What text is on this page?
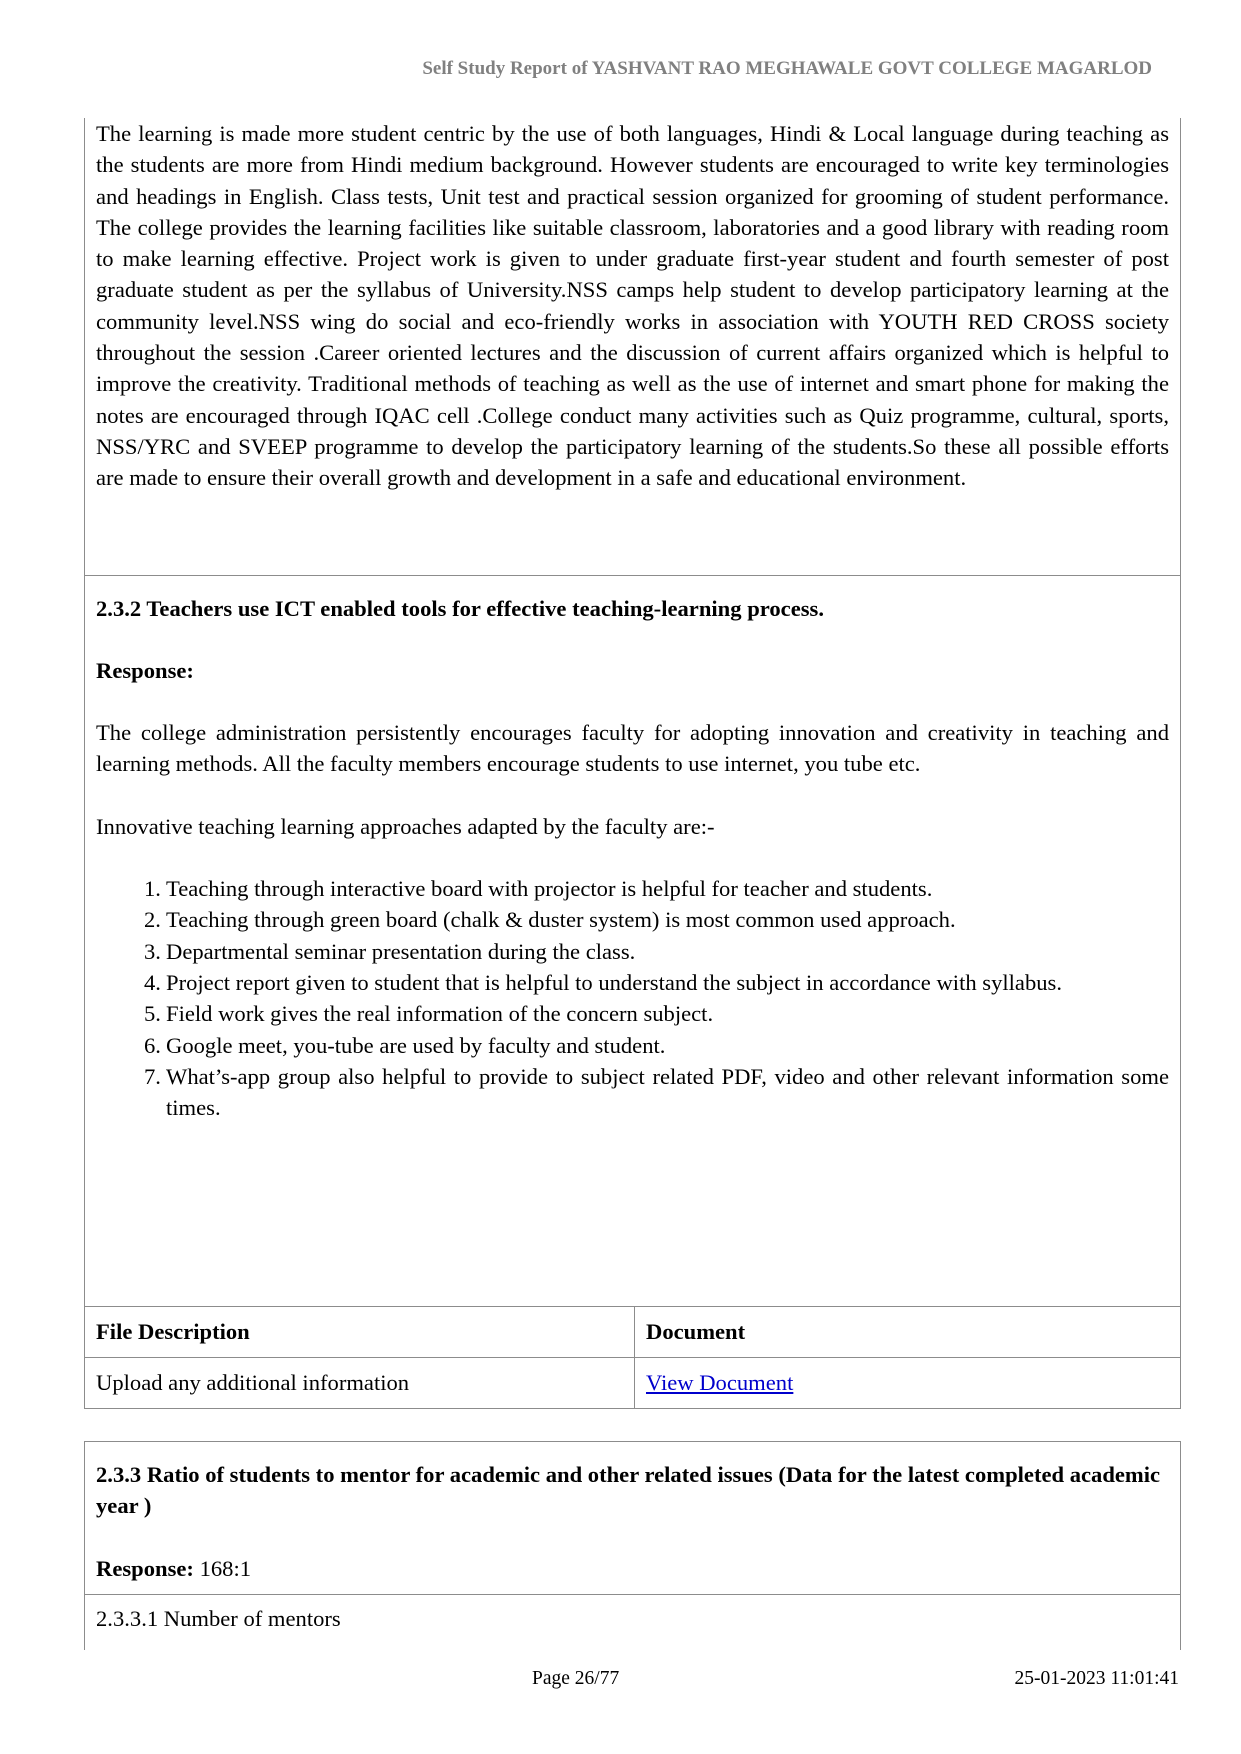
Self Study Report of YASHVANT RAO MEGHAWALE GOVT COLLEGE MAGARLOD
The learning is made more student centric by the use of both languages, Hindi & Local language during teaching as the students are more from Hindi medium background. However students are encouraged to write key terminologies and headings in English. Class tests, Unit test and practical session organized for grooming of student performance. The college provides the learning facilities like suitable classroom, laboratories and a good library with reading room to make learning effective. Project work is given to under graduate first-year student and fourth semester of post graduate student as per the syllabus of University.NSS camps help student to develop participatory learning at the community level.NSS wing do social and eco-friendly works in association with YOUTH RED CROSS society throughout the session .Career oriented lectures and the discussion of current affairs organized which is helpful to improve the creativity. Traditional methods of teaching as well as the use of internet and smart phone for making the notes are encouraged through IQAC cell .College conduct many activities such as Quiz programme, cultural, sports, NSS/YRC and SVEEP programme to develop the participatory learning of the students.So these all possible efforts are made to ensure their overall growth and development in a safe and educational environment.
2.3.2 Teachers use ICT enabled tools for effective teaching-learning process.
Response:
The college administration persistently encourages faculty for adopting innovation and creativity in teaching and learning methods. All the faculty members encourage students to use internet, you tube etc.
Innovative teaching learning approaches adapted by the faculty are:-
1. Teaching through interactive board with projector is helpful for teacher and students.
2. Teaching through green board (chalk & duster system) is most common used approach.
3. Departmental seminar presentation during the class.
4. Project report given to student that is helpful to understand the subject in accordance with syllabus.
5. Field work gives the real information of the concern subject.
6. Google meet, you-tube are used by faculty and student.
7. What’s-app group also helpful to provide to subject related PDF, video and other relevant information some times.
File Description	Document
Upload any additional information	View Document
2.3.3 Ratio of students to mentor for academic and other related issues (Data for the latest completed academic year )
Response: 168:1
2.3.3.1 Number of mentors
Page 26/77	25-01-2023 11:01:41
